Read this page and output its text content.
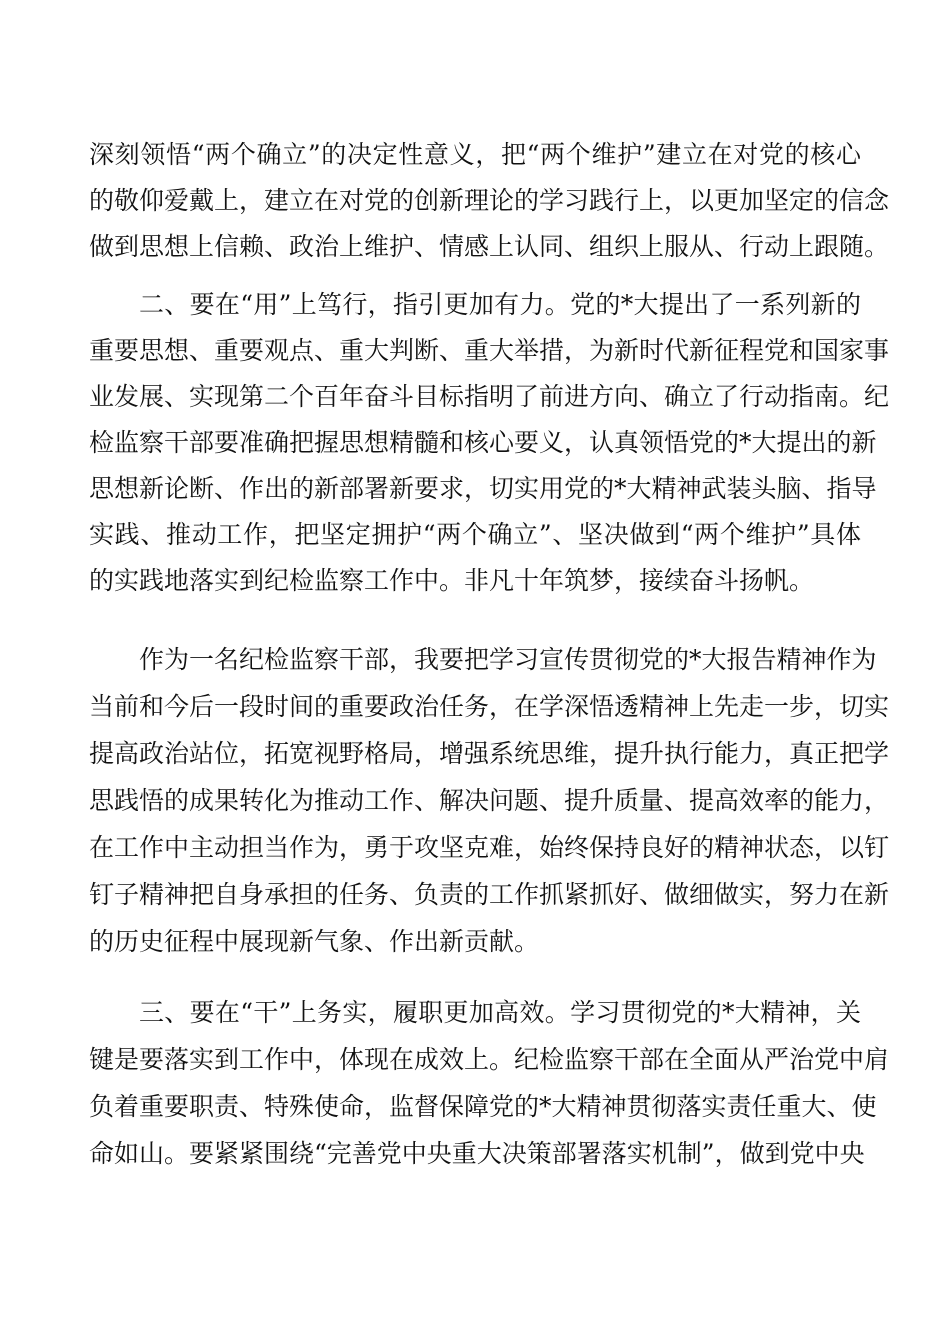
深刻领悟“两个确立”的决定性意义，把“两个维护”建立在对党的核心
的敬仰爱戴上，建立在对党的创新理论的学习践行上，以更加坚定的信念
做到思想上信赖、政治上维护、情感上认同、组织上服从、行动上跟随。
二、要在“用”上笃行，指引更加有力。党的*大提出了一系列新的
重要思想、重要观点、重大判断、重大举措，为新时代新征程党和国家事
业发展、实现第二个百年奋斗目标指明了前进方向、确立了行动指南。纪
检监察干部要准确把握思想精髓和核心要义，认真领悟党的*大提出的新
思想新论断、作出的新部署新要求，切实用党的*大精神武装头脑、指导
实践、推动工作，把坚定拥护“两个确立”、坚决做到“两个维护”具体
的实践地落实到纪检监察工作中。非凡十年筑梦，接续奋斗扬帆。
作为一名纪检监察干部，我要把学习宣传贯彻党的*大报告精神作为
当前和今后一段时间的重要政治任务，在学深悟透精神上先走一步，切实
提高政治站位，拓宽视野格局，增强系统思维，提升执行能力，真正把学
思践悟的成果转化为推动工作、解决问题、提升质量、提高效率的能力，
在工作中主动担当作为，勇于攻坚克难，始终保持良好的精神状态，以钉
钉子精神把自身承担的任务、负责的工作抓紧抓好、做细做实，努力在新
的历史征程中展现新气象、作出新贡献。
三、要在“干”上务实，履职更加高效。学习贯彻党的*大精神，关
键是要落实到工作中，体现在成效上。纪检监察干部在全面从严治党中肩
负着重要职责、特殊使命，监督保障党的*大精神贯彻落实责任重大、使
命如山。要紧紧围绕“完善党中央重大决策部署落实机制”，做到党中央
